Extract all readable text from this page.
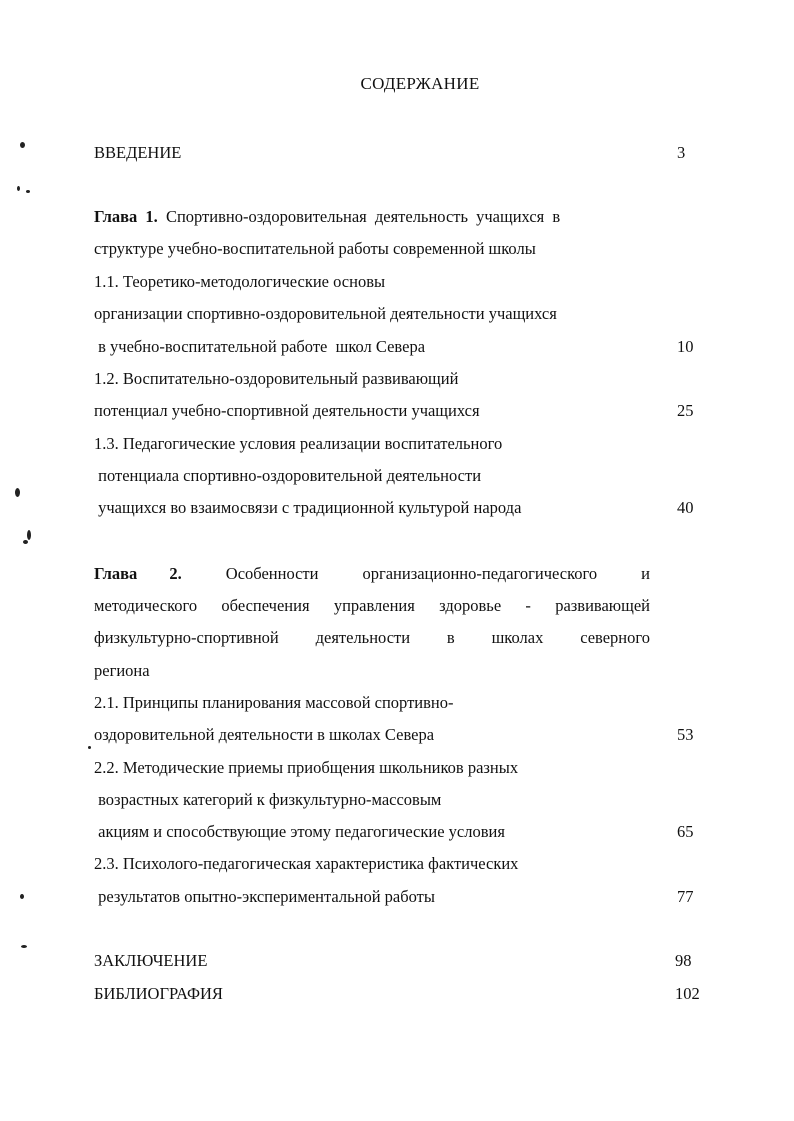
СОДЕРЖАНИЕ
ВВЕДЕНИЕ	3
Глава 1. Спортивно-оздоровительная деятельность учащихся в
структуре учебно-воспитательной работы современной школы
1.1. Теоретико-методологические основы
организации спортивно-оздоровительной деятельности учащихся
в учебно-воспитательной работе  школ Севера	10
1.2. Воспитательно-оздоровительный развивающий
потенциал учебно-спортивной деятельности учащихся	25
1.3. Педагогические условия реализации воспитательного
потенциала спортивно-оздоровительной деятельности
учащихся во взаимосвязи с традиционной культурой народа	40
Глава 2.	Особенности	организационно-педагогического	и
методического обеспечения управления здоровье - развивающей
физкультурно-спортивной деятельности в школах северного
региона
2.1. Принципы планирования массовой спортивно-
оздоровительной деятельности в школах Севера	53
2.2. Методические приемы приобщения школьников разных
возрастных категорий к физкультурно-массовым
акциям и способствующие этому педагогические условия	65
2.3. Психолого-педагогическая характеристика фактических
результатов опытно-экспериментальной работы	77
ЗАКЛЮЧЕНИЕ	98
БИБЛИОГРАФИЯ	102
